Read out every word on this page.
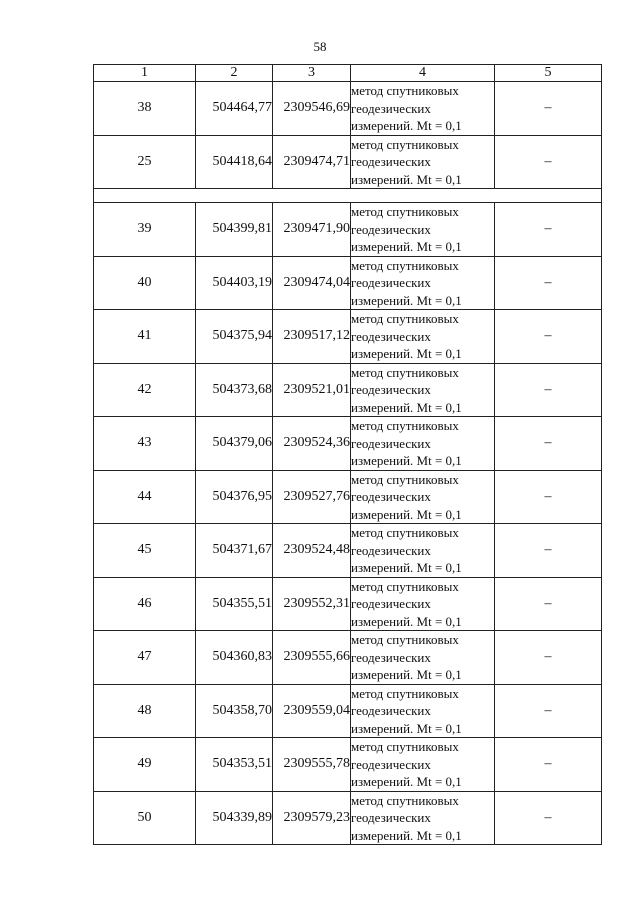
58
1	2	3	4	5
38	504464,77	2309546,69	метод спутниковых геодезических измерений. Mt = 0,1	–
25	504418,64	2309474,71	метод спутниковых геодезических измерений. Mt = 0,1	–

39	504399,81	2309471,90	метод спутниковых геодезических измерений. Mt = 0,1	–
40	504403,19	2309474,04	метод спутниковых геодезических измерений. Mt = 0,1	–
41	504375,94	2309517,12	метод спутниковых геодезических измерений. Mt = 0,1	–
42	504373,68	2309521,01	метод спутниковых геодезических измерений. Mt = 0,1	–
43	504379,06	2309524,36	метод спутниковых геодезических измерений. Mt = 0,1	–
44	504376,95	2309527,76	метод спутниковых геодезических измерений. Mt = 0,1	–
45	504371,67	2309524,48	метод спутниковых геодезических измерений. Mt = 0,1	–
46	504355,51	2309552,31	метод спутниковых геодезических измерений. Mt = 0,1	–
47	504360,83	2309555,66	метод спутниковых геодезических измерений. Mt = 0,1	–
48	504358,70	2309559,04	метод спутниковых геодезических измерений. Mt = 0,1	–
49	504353,51	2309555,78	метод спутниковых геодезических измерений. Mt = 0,1	–
50	504339,89	2309579,23	метод спутниковых геодезических измерений. Mt = 0,1	–
